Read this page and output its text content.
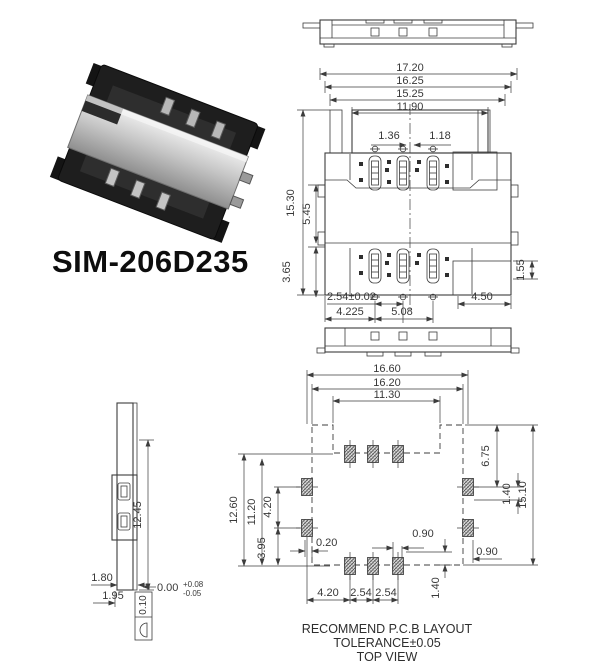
SIM-206D235
17.20
16.25
15.25
11.90
1.36	1.18
15.30 5.45
3.65	1.55
2.54±0.02
4.225	5.08
4.50
12.45
1.80
1.95
0.00 +0.08
-0.05
0.10
16.60
16.20
11.30
12.60 11.20 4.20
3.95	0.20
6.75
1.40 15.10
0.90
0.90
4.20 2.54 2.54	1.40
RECOMMEND P.C.B LAYOUT
TOLERANCE±0.05
TOP VIEW
